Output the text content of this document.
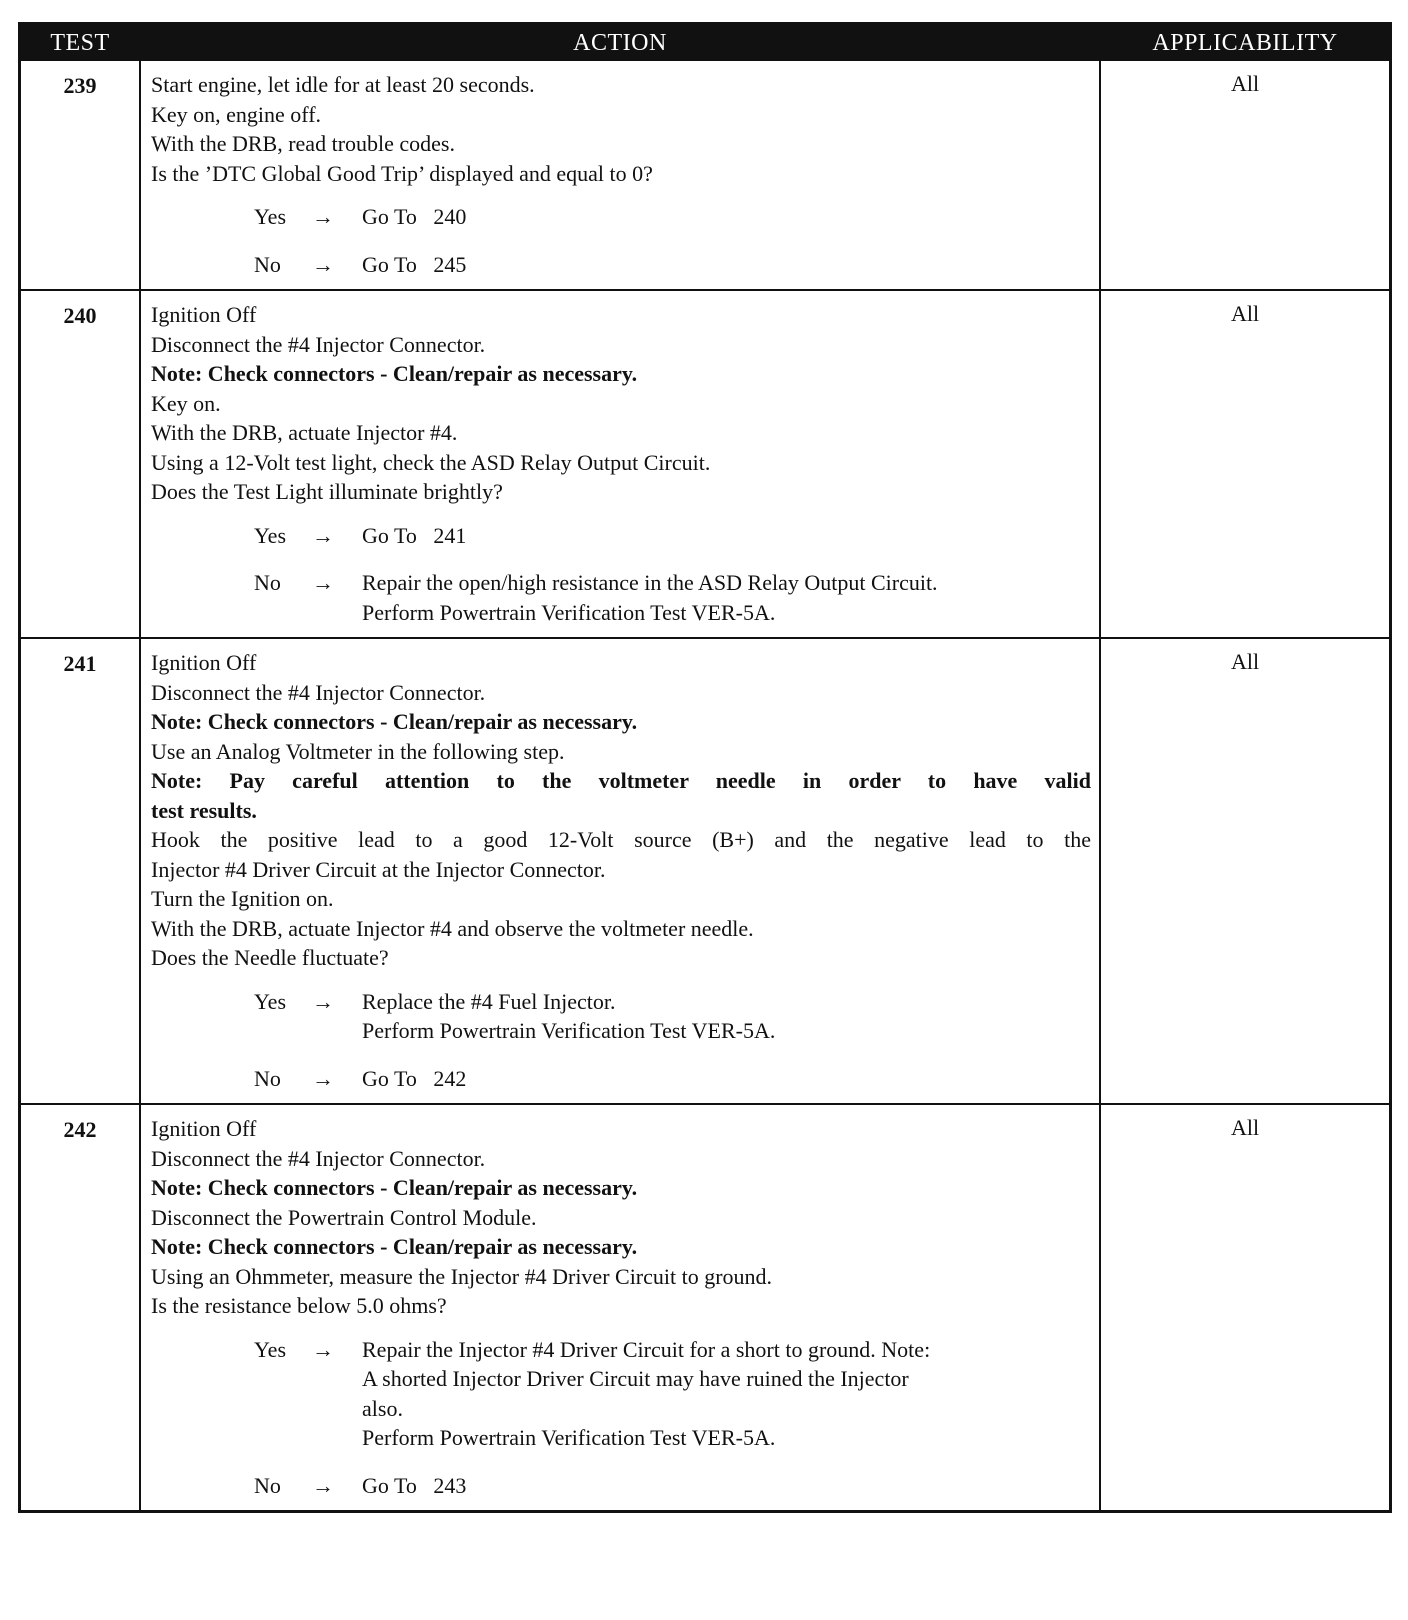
TEST	ACTION	APPLICABILITY
239	Start engine, let idle for at least 20 seconds.
Key on, engine off.
With the DRB, read trouble codes.
Is the ’DTC Global Good Trip’ displayed and equal to 0?
Yes	→	Go To   240
No	→	Go To   245
All
240	Ignition Off
Disconnect the #4 Injector Connector.
Note: Check connectors - Clean/repair as necessary.
Key on.
With the DRB, actuate Injector #4.
Using a 12-Volt test light, check the ASD Relay Output Circuit.
Does the Test Light illuminate brightly?
Yes	→	Go To   241
No	→	Repair the open/high resistance in the ASD Relay Output Circuit.
Perform Powertrain Verification Test VER-5A.
All
241	Ignition Off
Disconnect the #4 Injector Connector.
Note: Check connectors - Clean/repair as necessary.
Use an Analog Voltmeter in the following step.
Note: Pay careful attention to the voltmeter needle in order to have valid
test results.
Hook the positive lead to a good 12-Volt source (B+) and the negative lead to the
Injector #4 Driver Circuit at the Injector Connector.
Turn the Ignition on.
With the DRB, actuate Injector #4 and observe the voltmeter needle.
Does the Needle fluctuate?
Yes	→	Replace the #4 Fuel Injector.
Perform Powertrain Verification Test VER-5A.
No	→	Go To   242
All
242	Ignition Off
Disconnect the #4 Injector Connector.
Note: Check connectors - Clean/repair as necessary.
Disconnect the Powertrain Control Module.
Note: Check connectors - Clean/repair as necessary.
Using an Ohmmeter, measure the Injector #4 Driver Circuit to ground.
Is the resistance below 5.0 ohms?
Yes	→	Repair the Injector #4 Driver Circuit for a short to ground. Note:
A shorted Injector Driver Circuit may have ruined the Injector
also.
Perform Powertrain Verification Test VER-5A.
No	→	Go To   243
All
